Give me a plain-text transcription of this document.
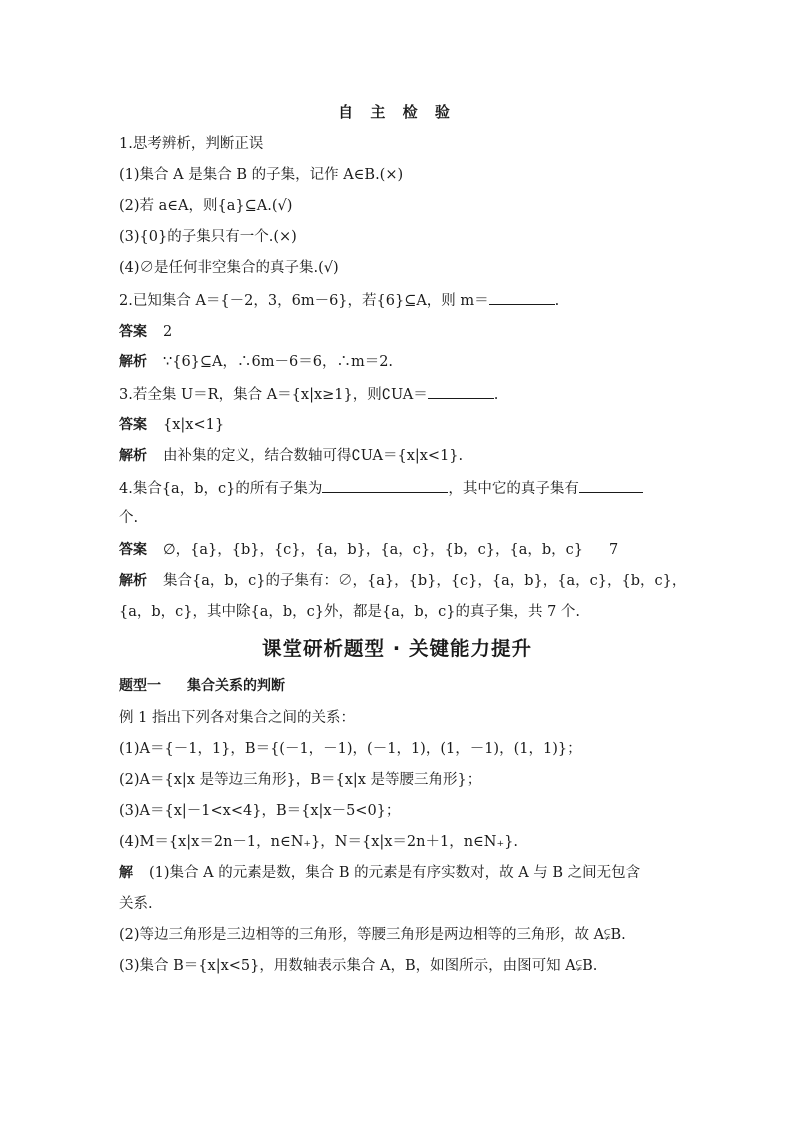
自 主 检 验
1.思考辨析，判断正误
(1)集合 A 是集合 B 的子集，记作 A∈B.(×)
(2)若 a∈A，则{a}⊆A.(√)
(3){0}的子集只有一个.(×)
(4)∅是任何非空集合的真子集.(√)
2.已知集合 A＝{－2，3，6m－6}，若{6}⊆A，则 m＝	.
答案 2
解析 ∵{6}⊆A，∴6m－6＝6，∴m＝2.
3.若全集 U＝R，集合 A＝{x|x≥1}，则∁UA＝	.
答案 {x|x<1}
解析 由补集的定义，结合数轴可得∁UA＝{x|x<1}.
4.集合{a，b，c}的所有子集为	，其中它的真子集有
个.
答案 ∅，{a}，{b}，{c}，{a，b}，{a，c}，{b，c}，{a，b，c} 7
解析 集合{a，b，c}的子集有：∅，{a}，{b}，{c}，{a，b}，{a，c}，{b，c}，
{a，b，c}，其中除{a，b，c}外，都是{a，b，c}的真子集，共 7 个.
课堂研析题型 · 关键能力提升
题型一 集合关系的判断
例 1 指出下列各对集合之间的关系：
(1)A＝{－1，1}，B＝{(－1，－1)，(－1，1)，(1，－1)，(1，1)}；
(2)A＝{x|x 是等边三角形}，B＝{x|x 是等腰三角形}；
(3)A＝{x|－1<x<4}，B＝{x|x－5<0}；
(4)M＝{x|x＝2n－1，n∈N₊}，N＝{x|x＝2n＋1，n∈N₊}.
解 (1)集合 A 的元素是数，集合 B 的元素是有序实数对，故 A 与 B 之间无包含
关系.
(2)等边三角形是三边相等的三角形，等腰三角形是两边相等的三角形，故 A⫋B.
(3)集合 B＝{x|x<5}，用数轴表示集合 A，B，如图所示，由图可知 A⫋B.
